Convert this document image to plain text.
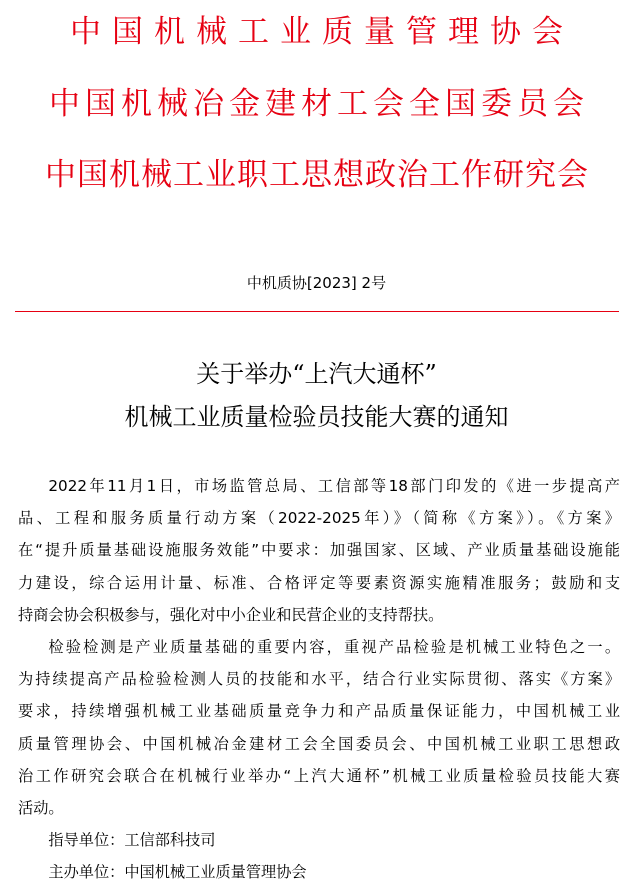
中国机械工业质量管理协会
中国机械冶金建材工会全国委员会
中国机械工业职工思想政治工作研究会
中机质协[2023] 2号
关于举办“上汽大通杯”
机械工业质量检验员技能大赛的通知
2022年11月1日，市场监管总局、工信部等18部门印发的《进一步提高产
品、工程和服务质量行动方案（2022-2025年）》（简称《方案》）。《方案》
在“提升质量基础设施服务效能”中要求：加强国家、区域、产业质量基础设施能
力建设，综合运用计量、标准、合格评定等要素资源实施精准服务；鼓励和支
持商会协会积极参与，强化对中小企业和民营企业的支持帮扶。
检验检测是产业质量基础的重要内容，重视产品检验是机械工业特色之一。
为持续提高产品检验检测人员的技能和水平，结合行业实际贯彻、落实《方案》
要求，持续增强机械工业基础质量竞争力和产品质量保证能力，中国机械工业
质量管理协会、中国机械冶金建材工会全国委员会、中国机械工业职工思想政
治工作研究会联合在机械行业举办“上汽大通杯”机械工业质量检验员技能大赛
活动。
指导单位：工信部科技司
主办单位：中国机械工业质量管理协会
